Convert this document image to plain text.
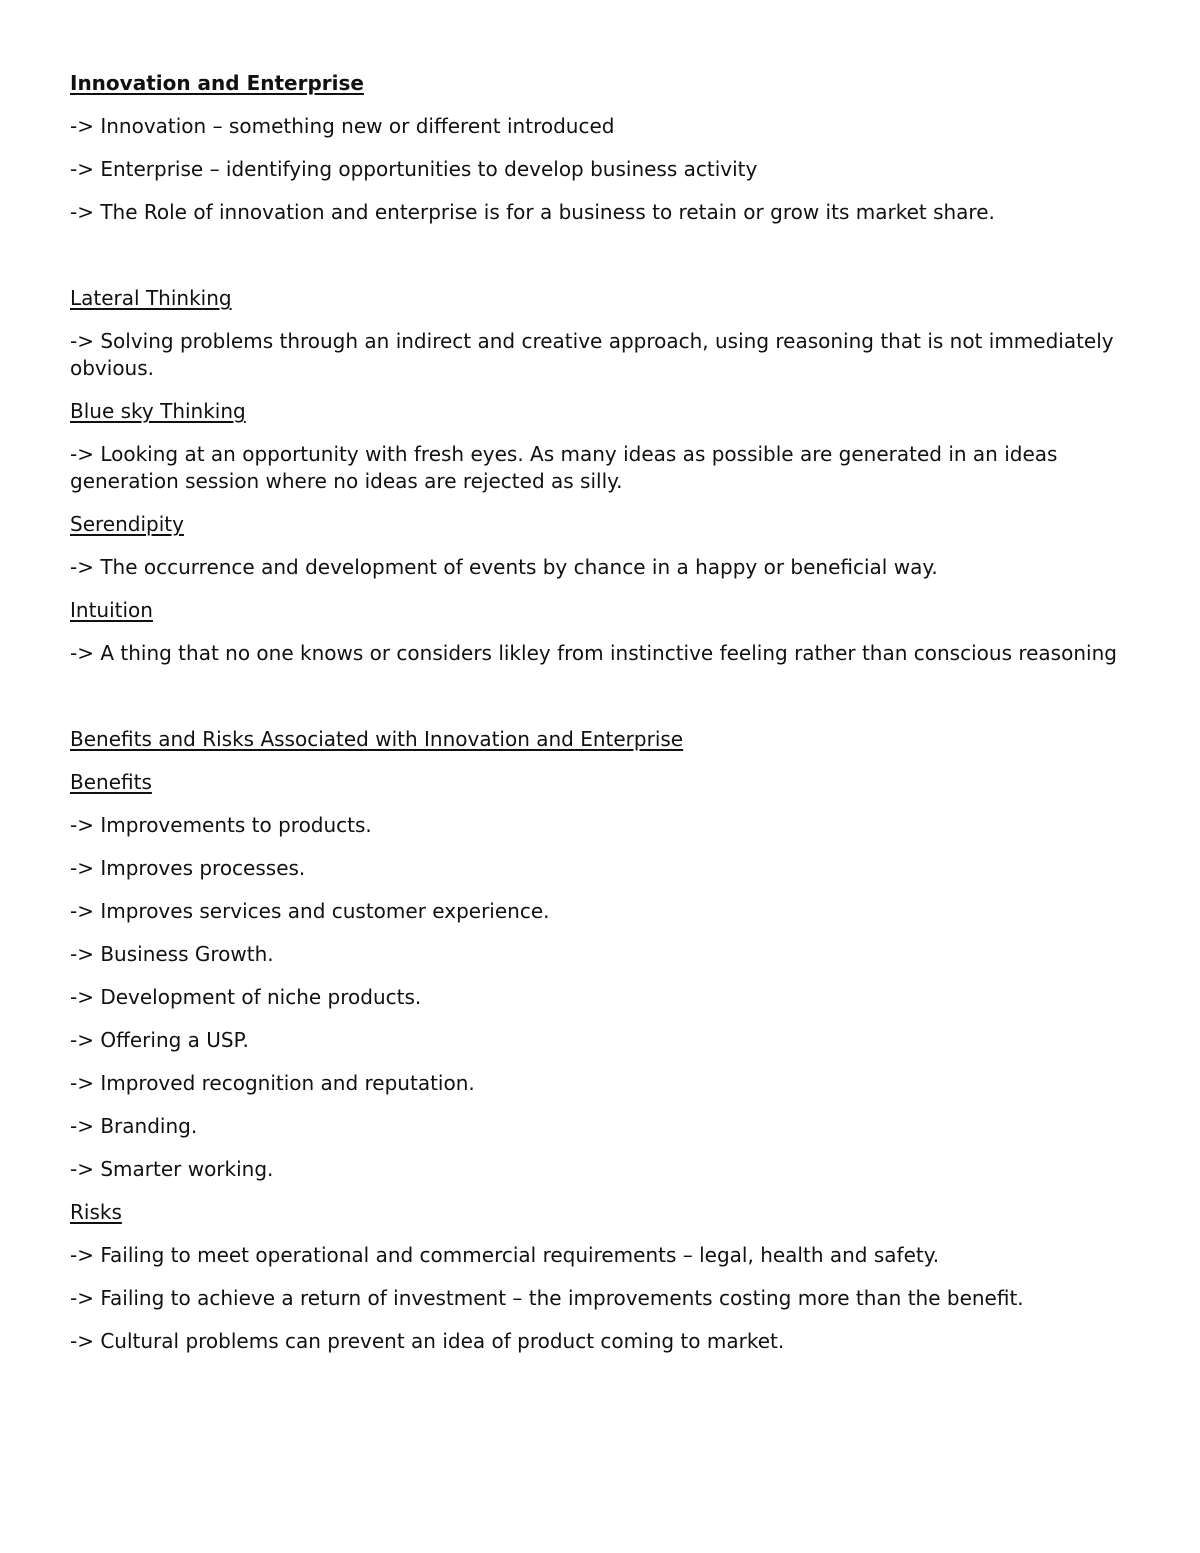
Innovation and Enterprise
-> Innovation – something new or different introduced
-> Enterprise – identifying opportunities to develop business activity
-> The Role of innovation and enterprise is for a business to retain or grow its market share.
Lateral Thinking
-> Solving problems through an indirect and creative approach, using reasoning that is not immediately obvious.
Blue sky Thinking
-> Looking at an opportunity with fresh eyes. As many ideas as possible are generated in an ideas generation session where no ideas are rejected as silly.
Serendipity
-> The occurrence and development of events by chance in a happy or beneficial way.
Intuition
-> A thing that no one knows or considers likley from instinctive feeling rather than conscious reasoning
Benefits and Risks Associated with Innovation and Enterprise
Benefits
-> Improvements to products.
-> Improves processes.
-> Improves services and customer experience.
-> Business Growth.
-> Development of niche products.
-> Offering a USP.
-> Improved recognition and reputation.
-> Branding.
-> Smarter working.
Risks
-> Failing to meet operational and commercial requirements – legal, health and safety.
-> Failing to achieve a return of investment – the improvements costing more than the benefit.
-> Cultural problems can prevent an idea of product coming to market.
